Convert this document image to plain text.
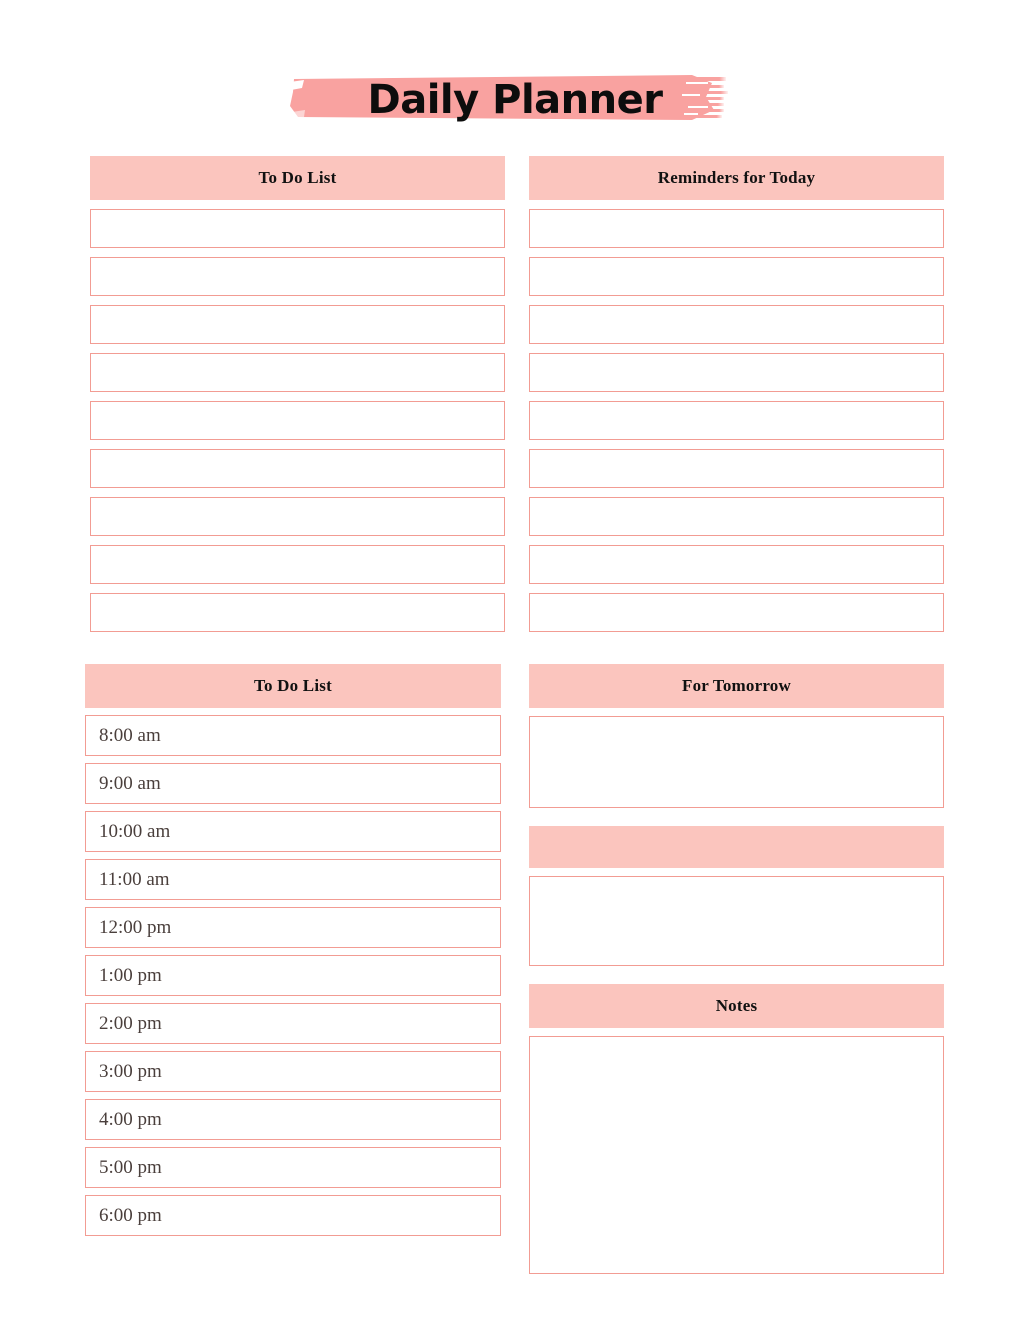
Daily Planner
To Do List	Reminders for Today
To Do List
8:00 am
9:00 am
10:00 am
11:00 am
12:00 pm
1:00 pm
2:00 pm
3:00 pm
4:00 pm
5:00 pm
6:00 pm
For Tomorrow
Notes
